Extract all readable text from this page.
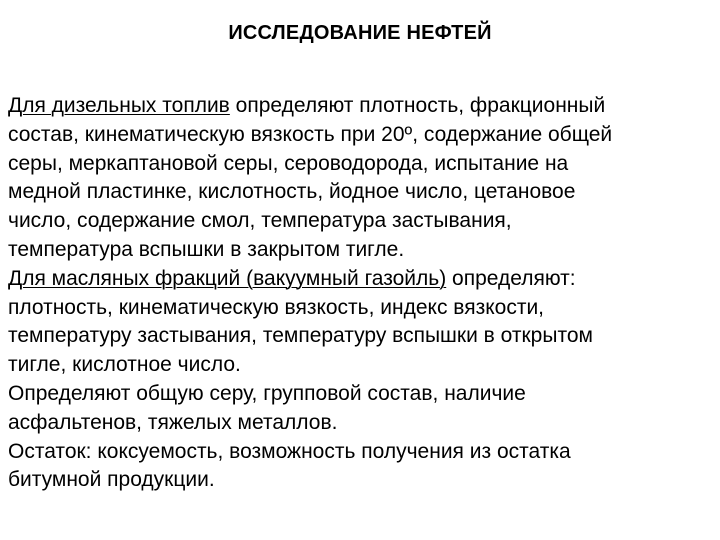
ИССЛЕДОВАНИЕ НЕФТЕЙ
Для дизельных топлив определяют плотность, фракционный
состав, кинематическую вязкость при 20º, содержание общей
серы, меркаптановой серы, сероводорода, испытание на
медной пластинке, кислотность, йодное число, цетановое
число, содержание смол, температура застывания,
температура вспышки в закрытом тигле.
Для масляных фракций (вакуумный газойль) определяют:
плотность, кинематическую вязкость, индекс вязкости,
температуру застывания, температуру вспышки в открытом
тигле, кислотное число.
Определяют общую серу, групповой состав, наличие
асфальтенов, тяжелых металлов.
Остаток: коксуемость, возможность получения из остатка
битумной продукции.
